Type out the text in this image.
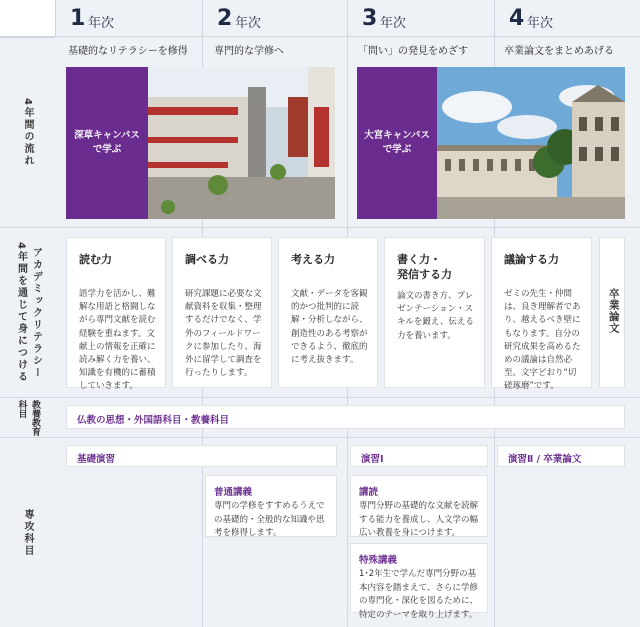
1 年次	2 年次	3 年次	4 年次
4年間の流れ
4年間を通じて身につける アカデミックリテラシー
教養教育科目
専攻科目
基礎的なリテラシーを修得	専門的な学修へ	「問い」の発見をめざす	卒業論文をまとめあげる
深草キャンパス
で学ぶ
大宮キャンパス
で学ぶ
読む力
語学力を活かし、難解な用語と格闘しながら専門文献を読む経験を重ねます。文献上の情報を正確に読み解く力を養い、知識を有機的に蓄積していきます。
調べる力
研究課題に必要な文献資料を収集・整理するだけでなく、学外のフィールドワークに参加したり、海外に留学して調査を行ったりします。
考える力
文献・データを客観的かつ批判的に読解・分析しながら、創造性のある考察ができるよう、徹底的に考え抜きます。
書く力・
発信する力
論文の書き方、プレゼンテーション・スキルを鍛え、伝える力を養います。
議論する力
ゼミの先生・仲間は、良き理解者であり、越えるべき壁にもなります。自分の研究成果を高めるための議論は自然必至。文字どおり“切磋琢磨”です。
卒業論文
仏教の思想・外国語科目・教養科目
基礎演習	演習Ⅰ	演習Ⅱ / 卒業論文
普通講義
専門の学修をすすめるうえでの基礎的・全般的な知識や思考を修得します。
講読
専門分野の基礎的な文献を読解する能力を養成し、人文学の幅広い教養を身につけます。
特殊講義
1･2年生で学んだ専門分野の基本内容を踏まえて、さらに学修の専門化・深化を図るために、特定のテーマを取り上げます。
